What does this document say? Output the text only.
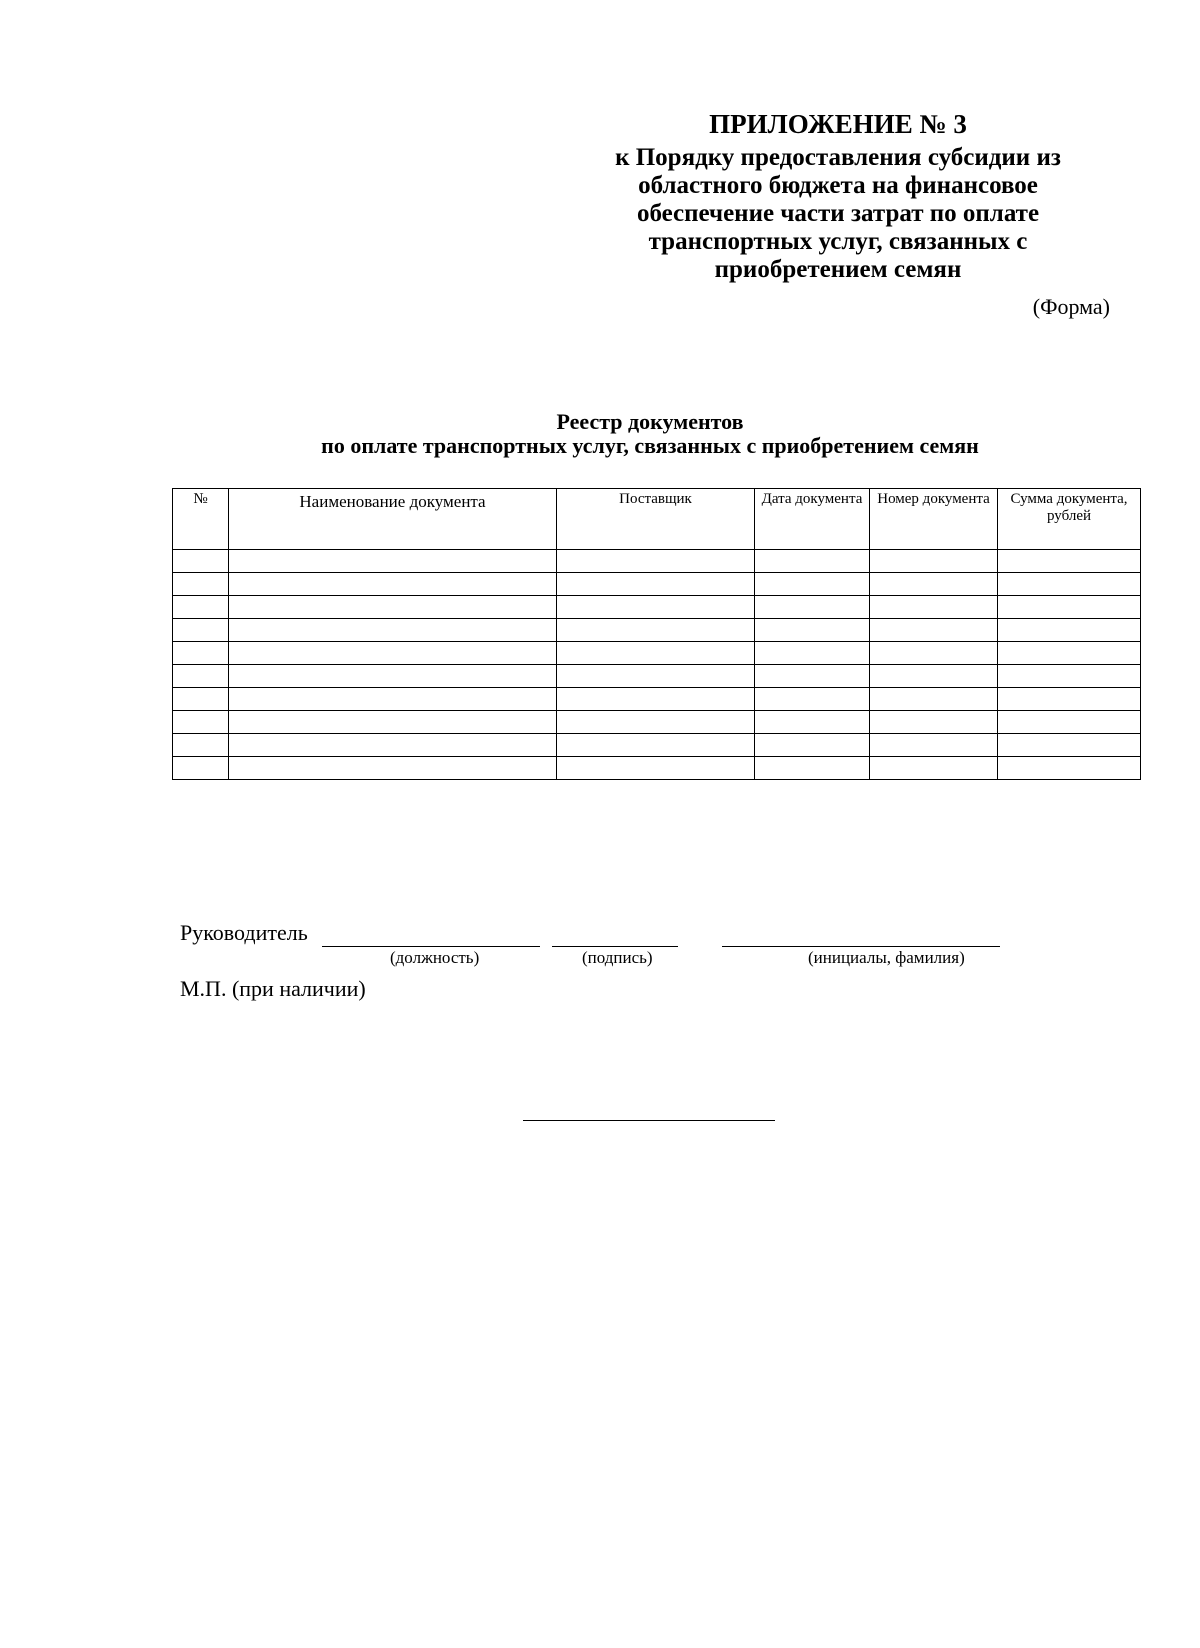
ПРИЛОЖЕНИЕ № 3
к Порядку предоставления субсидии из
областного бюджета на финансовое
обеспечение части затрат по оплате
транспортных услуг, связанных с
приобретением семян
(Форма)
Реестр документов
по оплате транспортных услуг, связанных с приобретением семян
№	Наименование документа	Поставщик	Дата документа	Номер документа	Сумма документа, рублей

Руководитель
(должность)	(подпись)	(инициалы, фамилия)
М.П. (при наличии)
